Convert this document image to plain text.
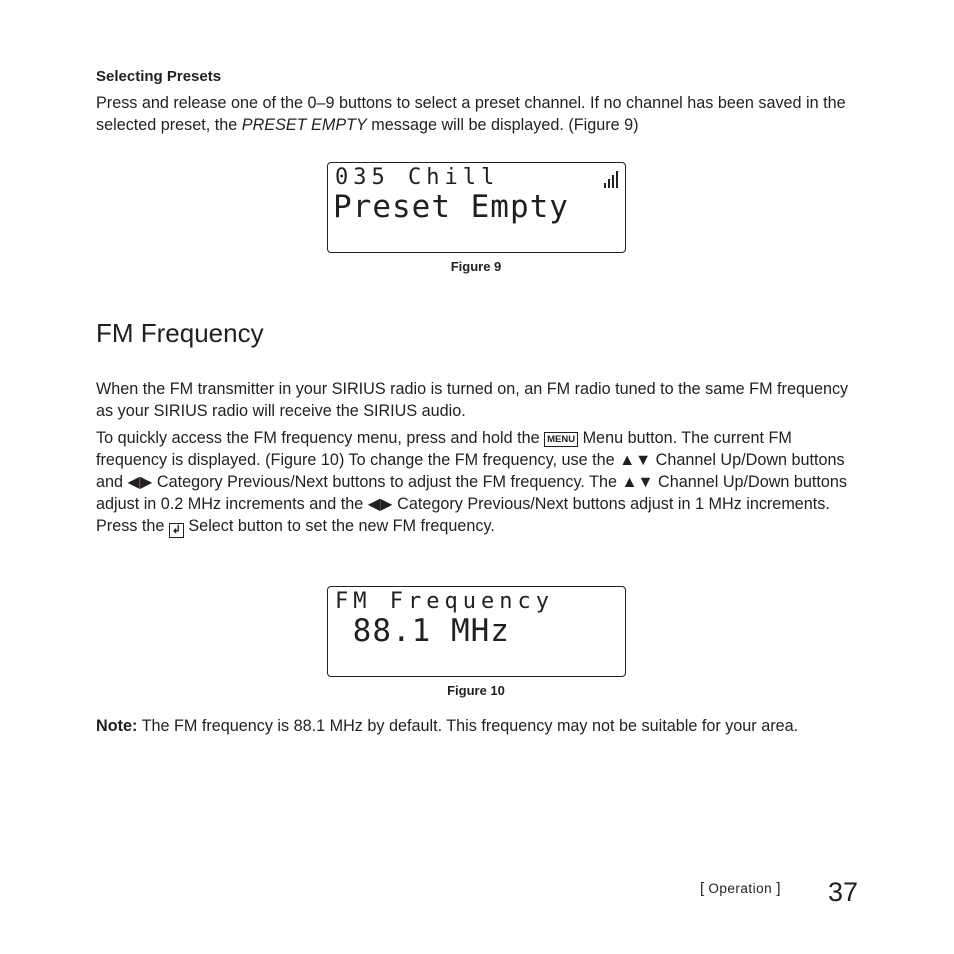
Selecting Presets

Press and release one of the 0–9 buttons to select a preset channel. If no channel has been saved in the selected preset, the PRESET EMPTY message will be displayed. (Figure 9)

035 Chill
Preset Empty
Figure 9
FM Frequency

When the FM transmitter in your SIRIUS radio is turned on, an FM radio tuned to the same FM frequency as your SIRIUS radio will receive the SIRIUS audio.

To quickly access the FM frequency menu, press and hold the MENU Menu button. The current FM frequency is displayed. (Figure 10) To change the FM frequency, use the ▲▼ Channel Up/Down buttons and ◀▶ Category Previous/Next buttons to adjust the FM frequency. The ▲▼ Channel Up/Down buttons adjust in 0.2 MHz increments and the ◀▶ Category Previous/Next buttons adjust in 1 MHz increments. Press the ↲ Select button to set the new FM frequency.

FM Frequency
88.1 MHz
Figure 10

Note: The FM frequency is 88.1 MHz by default. This frequency may not be suitable for your area.

[ Operation ] 37
